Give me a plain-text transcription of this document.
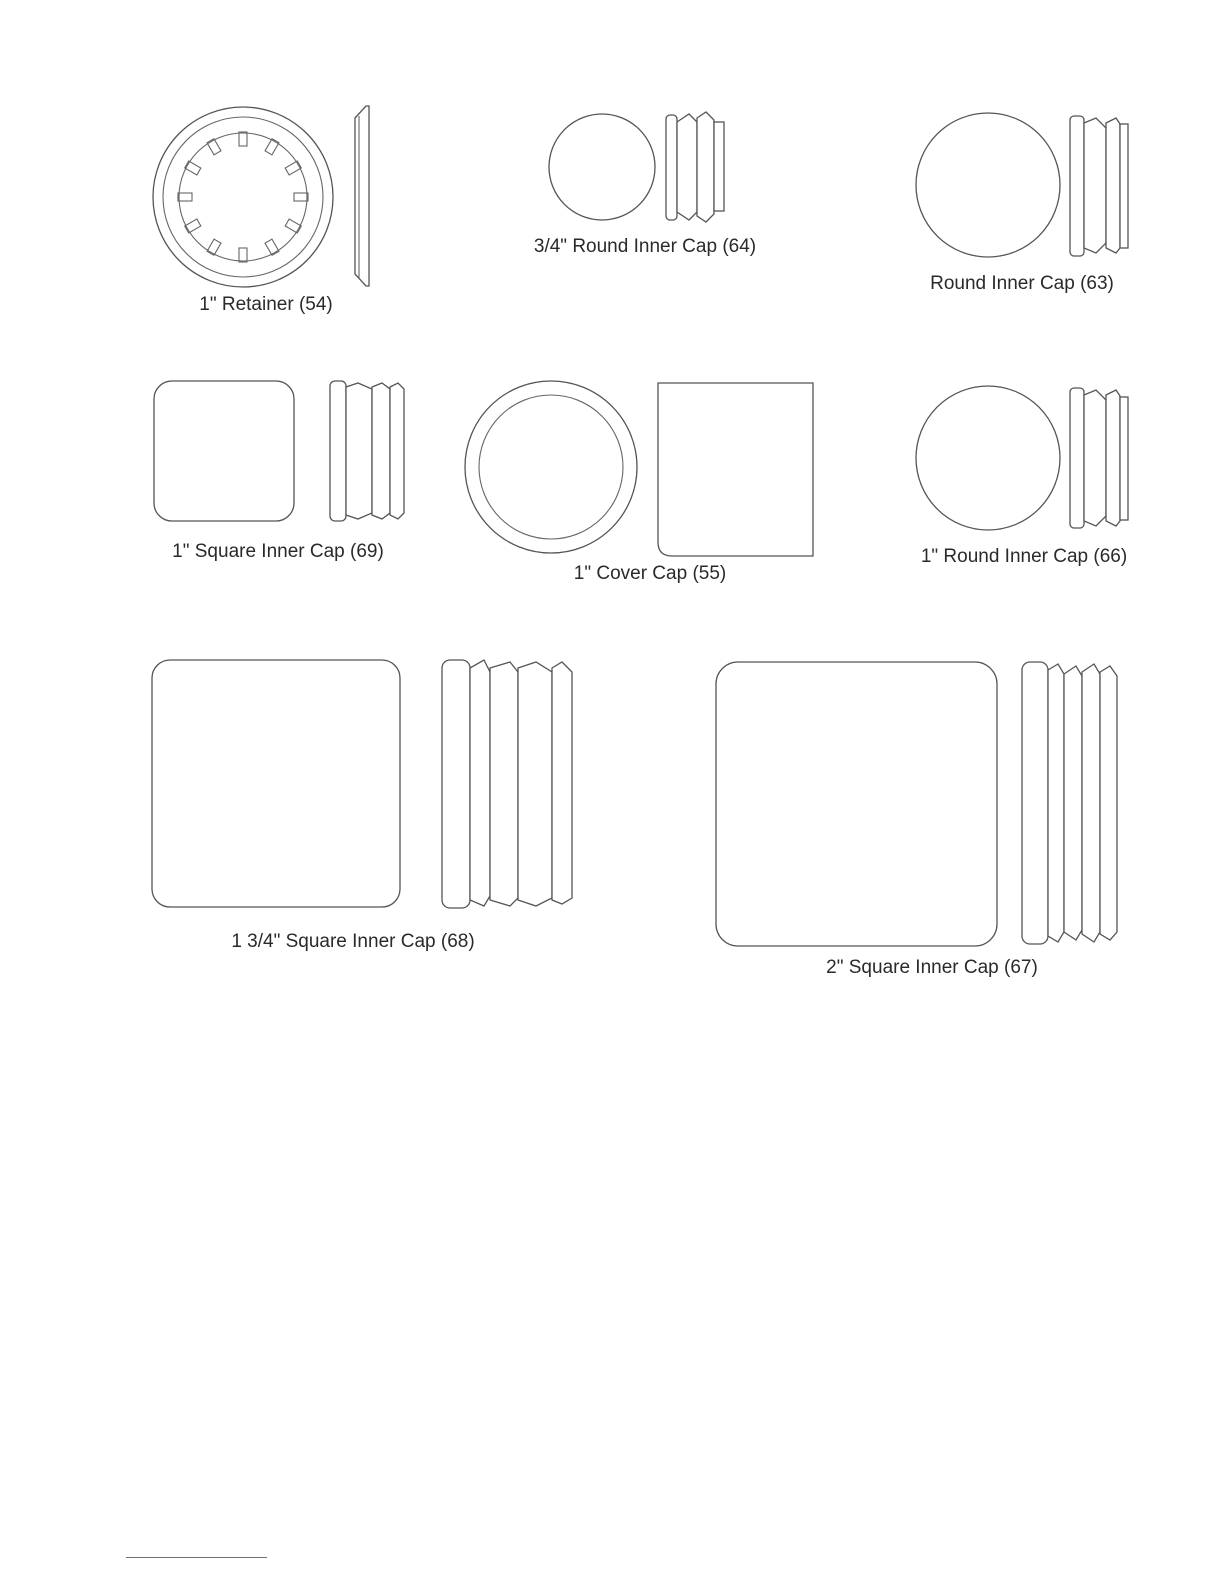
1" Retainer (54)
3/4" Round Inner Cap (64)
Round Inner Cap (63)
1" Square Inner Cap (69)
1" Cover Cap (55)
1" Round Inner Cap (66)
1 3/4" Square Inner Cap (68)
2" Square Inner Cap (67)
